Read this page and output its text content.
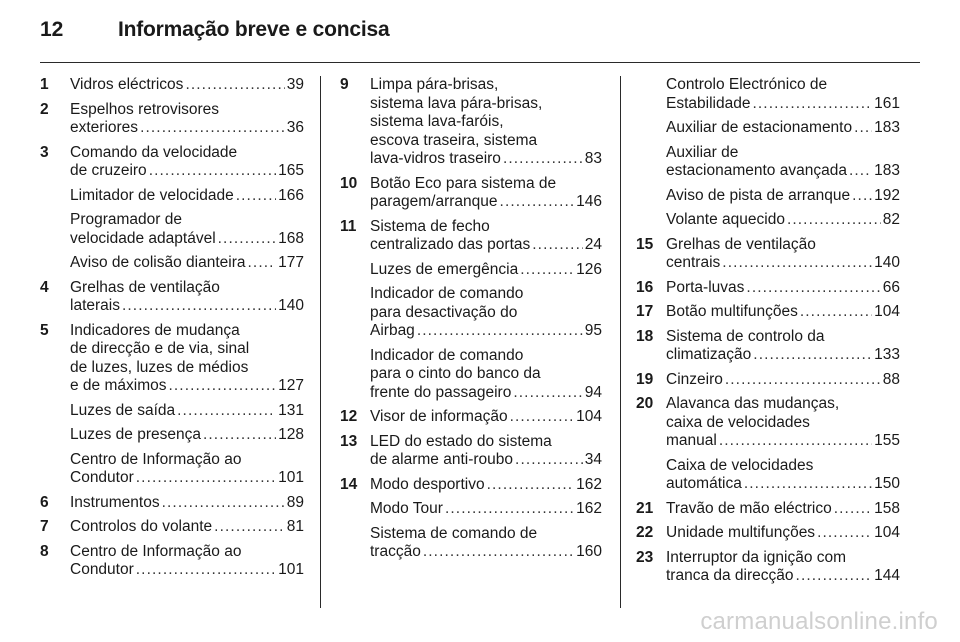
12	Informação breve e concisa
1	Vidros eléctricos . . .	39
2	Espelhos retrovisores
exteriores . . .	36
3	Comando da velocidade
de cruzeiro . . .	165
Limitador de velocidade . . .	166
Programador de
velocidade adaptável . . .	168
Aviso de colisão dianteira . . . 177
4	Grelhas de ventilação
laterais . . .	140
5	Indicadores de mudança
de direcção e de via, sinal
de luzes, luzes de médios
e de máximos . . .	127
Luzes de saída . . .	131
Luzes de presença . . .	128
Centro de Informação ao
Condutor . . .	101
6	Instrumentos . . .	89
7	Controlos do volante . . .	81
8	Centro de Informação ao
Condutor . . .	101
9	Limpa pára-brisas,
sistema lava pára-brisas,
sistema lava-faróis,
escova traseira, sistema
lava-vidros traseiro . . .	83
10 Botão Eco para sistema de
paragem/arranque . . .	146
11 Sistema de fecho
centralizado das portas . . .	24
Luzes de emergência . . .	126
Indicador de comando
para desactivação do
Airbag . . .	95
Indicador de comando
para o cinto do banco da
frente do passageiro . . .	94
12 Visor de informação . . .	104
13 LED do estado do sistema
de alarme anti-roubo . . .	34
14 Modo desportivo . . .	162
Modo Tour . . .	162
Sistema de comando de
tracção . . .	160
Controlo Electrónico de
Estabilidade . . .	161
Auxiliar de estacionamento . . . 183
Auxiliar de
estacionamento avançada . . . 183
Aviso de pista de arranque . . . 192
Volante aquecido . . .	82
15 Grelhas de ventilação
centrais . . .	140
16 Porta-luvas . . .	66
17 Botão multifunções . . .	104
18 Sistema de controlo da
climatização . . .	133
19 Cinzeiro . . .	88
20 Alavanca das mudanças,
caixa de velocidades
manual . . .	155
Caixa de velocidades
automática . . .	150
21 Travão de mão eléctrico . . .	158
22 Unidade multifunções . . .	104
23 Interruptor da ignição com
tranca da direcção . . .	144
carmanualsonline.info
